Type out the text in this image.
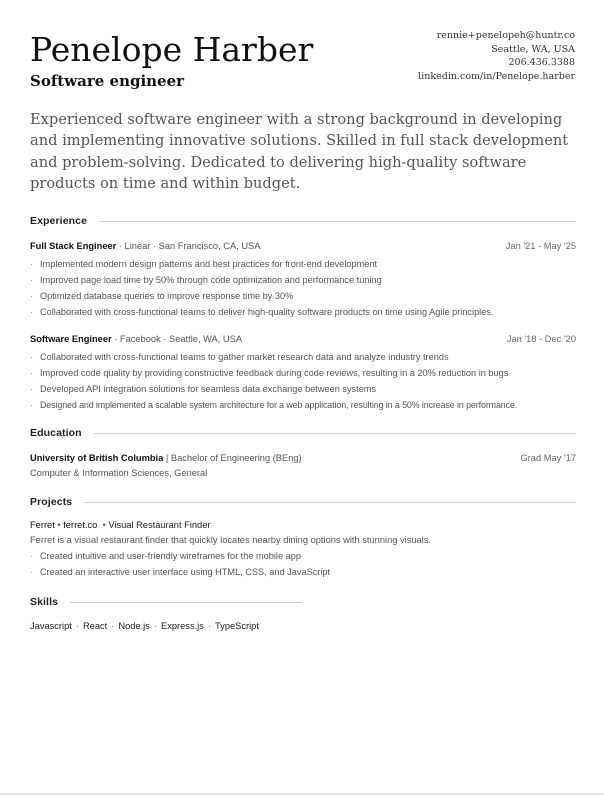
Penelope Harber
Software engineer
rennie+penelopeh@huntr.co
Seattle, WA, USA
206.436.3388
linkedin.com/in/Penelope.harber

Experienced software engineer with a strong background in developing and implementing innovative solutions. Skilled in full stack development and problem-solving. Dedicated to delivering high-quality software products on time and within budget.

Experience
Full Stack Engineer · Linear · San Francisco, CA, USA	Jan '21 - May '25
· Implemented modern design patterns and best practices for front-end development
· Improved page load time by 50% through code optimization and performance tuning
· Optimized database queries to improve response time by 30%
· Collaborated with cross-functional teams to deliver high-quality software products on time using Agile principles.
Software Engineer · Facebook · Seattle, WA, USA	Jan '18 - Dec '20
· Collaborated with cross-functional teams to gather market research data and analyze industry trends
· Improved code quality by providing constructive feedback during code reviews, resulting in a 20% reduction in bugs
· Developed API integration solutions for seamless data exchange between systems
· Designed and implemented a scalable system architecture for a web application, resulting in a 50% increase in performance.
Education
University of British Columbia | Bachelor of Engineering (BEng)	Grad May '17
Computer & Information Sciences, General
Projects
Ferret • ferret.co  • Visual Restaurant Finder
Ferret is a visual restaurant finder that quickly locates nearby dining options with stunning visuals.
· Created intuitive and user-friendly wireframes for the mobile app
· Created an interactive user interface using HTML, CSS, and JavaScript
Skills
Javascript · React · Node.js · Express.js · TypeScript
